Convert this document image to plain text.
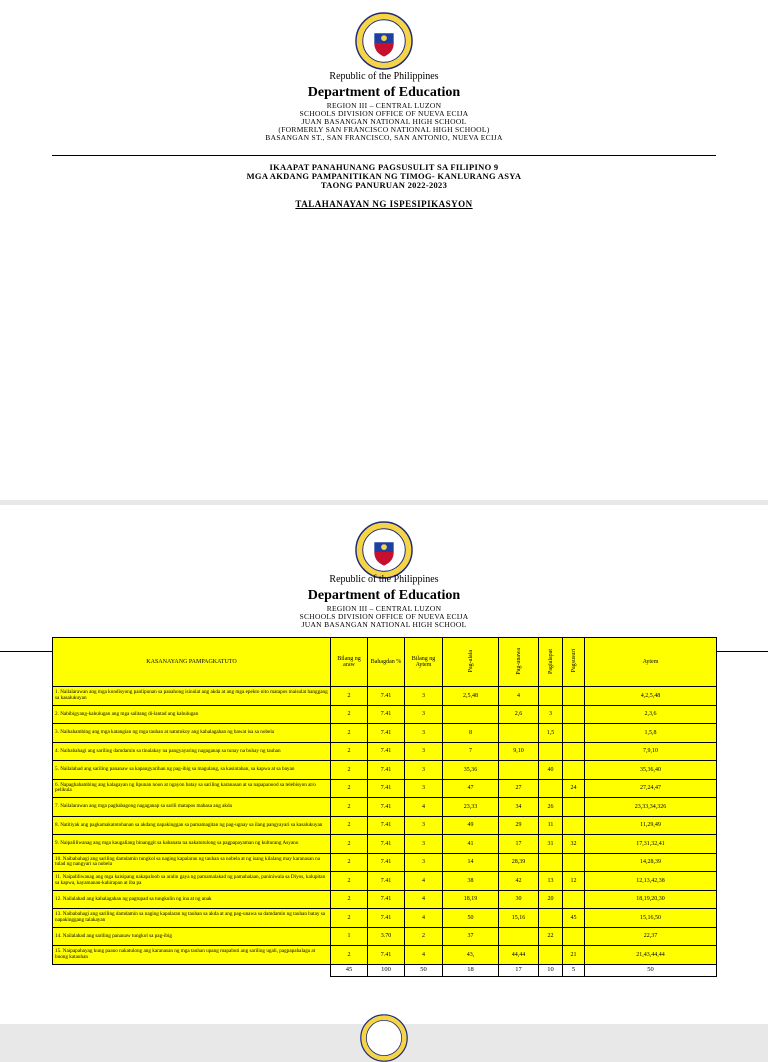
Republic of the Philippines
Department of Education
REGION III – CENTRAL LUZON
SCHOOLS DIVISION OFFICE OF NUEVA ECIJA
JUAN BASANGAN NATIONAL HIGH SCHOOL
(FORMERLY SAN FRANCISCO NATIONAL HIGH SCHOOL)
BASANGAN ST., SAN FRANCISCO, SAN ANTONIO, NUEVA ECIJA
IKAAPAT PANAHUNANG PAGSUSULIT SA FILIPINO 9
MGA AKDANG PAMPANITIKAN NG TIMOG- KANLURANG ASYA
TAONG PANURUAN 2022-2023
TALAHANAYAN NG ISPESIPIKASYON
Republic of the Philippines
Department of Education
REGION III – CENTRAL LUZON
SCHOOLS DIVISION OFFICE OF NUEVA ECIJA
JUAN BASANGAN NATIONAL HIGH SCHOOL
KASANAYANG PAMPAGKATUTO	Bilang ng araw	Bahagdan %	Bilang ng Aytem	Pag-alala	Pag-unawa	Paglalapat	Pagsusuri	Aytem
1. Nailalarawan ang mga kondisyong panlipunan sa panahong isinulat ang akda at ang mga epekto nito matapos maisulat hanggang sa kasalukuyan	2	7.41	3	2,5,48	4			4,2,5,48
2. Nabibigyang-kahulugan ang mga salitang di-lantad ang kahulugan	2	7.41	3		2,6	3		2,3,6
3. Naihahambing ang mga katangian ng mga tauhan at natutukoy ang kahalagahan ng bawat isa sa nobela	2	7.41	3	8		1,5		1,5,8
4. Naibabahagi ang sariling damdamin sa tinalakay na pangyayaring nagaganap sa tunay na buhay ng tauhan	2	7.41	3	7	9,10			7,9,10
5. Nailalahad ang sariling pananaw sa kapangyarihan ng pag-ibig sa magulang, sa kasintahan, sa kapwa at sa bayan	2	7.41	3	35,36		40		35,36,40
6. Napaghahambing ang kalagayan ng lipunan noon at ngayon batay sa sariling karanasan at sa napapanood sa telebisyon at/o pelikula	2	7.41	3	47	27		24	27,24,47
7. Nailalarawan ang mga pagbabagong nagaganap sa sarili matapos mabasa ang akda	2	7.41	4	23,33	34	26		23,33,34,326
8. Natitiyak ang pagkamakatotohanan sa akdang napakinggan sa pamamagitan ng pag-ugnay sa ilang pangyayari sa kasalukuyan	2	7.41	3	49	29	11		11,29,49
9. Naipaliliwanag ang mga kaugaliang binanggit sa kabanata na nakatutulong sa pagpapayaman ng kulturang Asyano	2	7.41	3	41	17	31	32	17,31,32,41
10. Naibabahagi ang sariling damdamin tungkol sa naging kapalaran ng tauhan sa nobela at ng isang kilalang may karanasan na tulad ng nangyari sa nobela	2	7.41	3	14	28,39			14,28,39
11. Naipaliliwanag ang mga kaisipang nakapaloob sa aralin gaya ng pamamalakad ng pamahalaan, paniniwala sa Diyos, kalupitan sa kapwa, kayamanan-kahirapan at iba pa	2	7.41	4	38	42	13	12	12,13,42,38
12. Nailalahad ang kahalagahan ng pagtupad sa tungkulin ng ina at ng anak	2	7.41	4	18,19	30	20		18,19,20,30
13. Naibabahagi ang sariling damdamin sa naging kapalaran ng tauhan sa akda at ang pag-unawa sa damdamin ng tauhan batay sa napakinggang talakayan	2	7.41	4	50	15,16		45	15,16,50
14. Nailalahad ang sariling pananaw tungkol sa pag-ibig	1	3.70	2	37		22		22,37
15. Naipapahayag kung paano nakatulong ang karanasan ng mga tauhan upang mapabuti ang sariling ugali, pagpapahalaga at buong katauhan	2	7.41	4	43,	44,44		21	21,43,44,44
	45	100	50	18	17	10	5	50
